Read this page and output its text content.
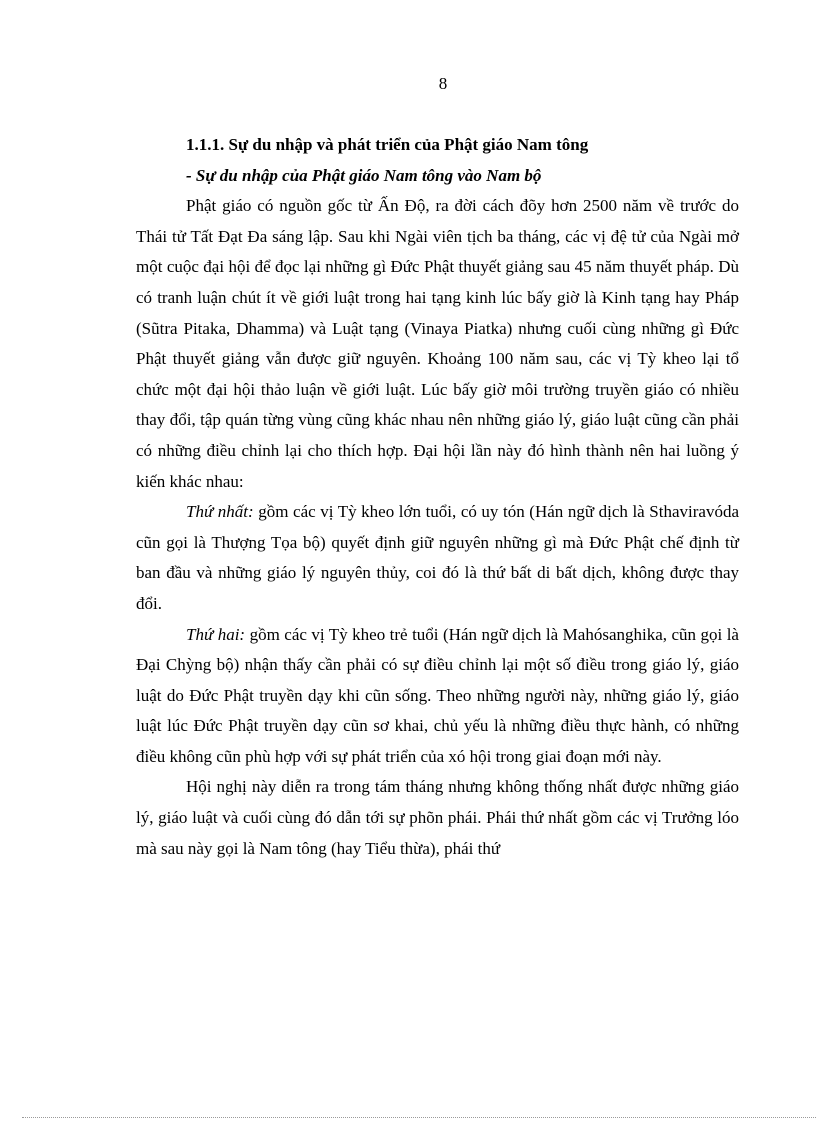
8

1.1.1. Sự du nhập và phát triển của Phật giáo Nam tông

- Sự du nhập của Phật giáo Nam tông vào Nam bộ

Phật giáo có nguồn gốc từ Ấn Độ, ra đời cách đõy hơn 2500 năm về trước do Thái tử Tất Đạt Đa sáng lập. Sau khi Ngài viên tịch ba tháng, các vị đệ tử của Ngài mở một cuộc đại hội để đọc lại những gì Đức Phật thuyết giảng sau 45 năm thuyết pháp. Dù có tranh luận chút ít về giới luật trong hai tạng kinh lúc bấy giờ là Kinh tạng hay Pháp (Sũtra Pitaka, Dhamma) và Luật tạng (Vinaya Piatka) nhưng cuối cùng những gì Đức Phật thuyết giảng vẫn được giữ nguyên. Khoảng 100 năm sau, các vị Tỳ kheo lại tổ chức một đại hội thảo luận về giới luật. Lúc bấy giờ môi trường truyền giáo có nhiều thay đổi, tập quán từng vùng cũng khác nhau nên những giáo lý, giáo luật cũng cần phải có những điều chỉnh lại cho thích hợp. Đại hội lần này đó hình thành nên hai luồng ý kiến khác nhau:

Thứ nhất: gồm các vị Tỳ kheo lớn tuổi, có uy tón (Hán ngữ dịch là Sthaviravóda cũn gọi là Thượng Tọa bộ) quyết định giữ nguyên những gì mà Đức Phật chế định từ ban đầu và những giáo lý nguyên thủy, coi đó là thứ bất di bất dịch, không được thay đổi.

Thứ hai: gồm các vị Tỳ kheo trẻ tuổi (Hán ngữ dịch là Mahósanghika, cũn gọi là Đại Chỳng bộ) nhận thấy cần phải có sự điều chỉnh lại một số điều trong giáo lý, giáo luật do Đức Phật truyền dạy khi cũn sống. Theo những người này, những giáo lý, giáo luật lúc Đức Phật truyền dạy cũn sơ khai, chủ yếu là những điều thực hành, có những điều không cũn phù hợp với sự phát triển của xó hội trong giai đoạn mới này.

Hội nghị này diễn ra trong tám tháng nhưng không thống nhất được những giáo lý, giáo luật và cuối cùng đó dẫn tới sự phõn phái. Phái thứ nhất gồm các vị Trưởng lóo mà sau này gọi là Nam tông (hay Tiểu thừa), phái thứ
